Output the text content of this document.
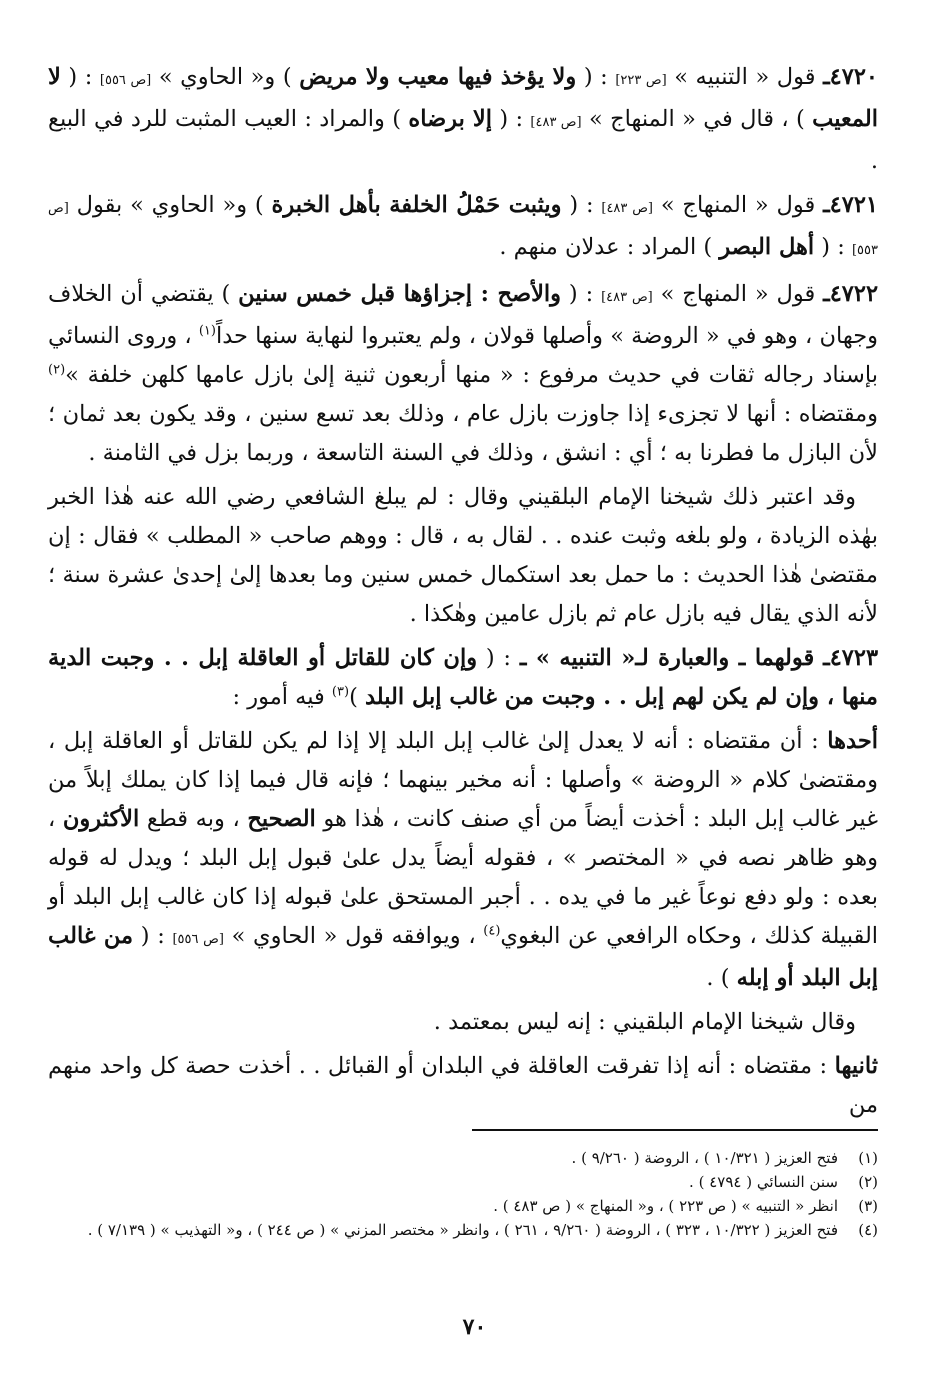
٤٧٢٠ـ قول « التنبيه » [ص ٢٢٣] : ( ولا يؤخذ فيها معيب ولا مريض ) و« الحاوي » [ص ٥٥٦] : ( لا المعيب ) ، قال في « المنهاج » [ص ٤٨٣] : ( إلا برضاه ) والمراد : العيب المثبت للرد في البيع .

٤٧٢١ـ قول « المنهاج » [ص ٤٨٣] : ( ويثبت حَمْلُ الخلفة بأهل الخبرة ) و« الحاوي » بقول [ص ٥٥٣] : ( أهل البصر ) المراد : عدلان منهم .

٤٧٢٢ـ قول « المنهاج » [ص ٤٨٣] : ( والأصح : إجزاؤها قبل خمس سنين ) يقتضي أن الخلاف وجهان ، وهو في « الروضة » وأصلها قولان ، ولم يعتبروا لنهاية سنها حداً$^{(١)}$ ، وروى النسائي بإسناد رجاله ثقات في حديث مرفوع : « منها أربعون ثنية إلىٰ بازل عامها كلهن خلفة »$^{(٢)}$ ومقتضاه : أنها لا تجزىء إذا جاوزت بازل عام ، وذلك بعد تسع سنين ، وقد يكون بعد ثمان ؛ لأن البازل ما فطرنا به ؛ أي : انشق ، وذلك في السنة التاسعة ، وربما بزل في الثامنة .

وقد اعتبر ذلك شيخنا الإمام البلقيني وقال : لم يبلغ الشافعي رضي الله عنه هٰذا الخبر بهٰذه الزيادة ، ولو بلغه وثبت عنده . . لقال به ، قال : ووهم صاحب « المطلب » فقال : إن مقتضىٰ هٰذا الحديث : ما حمل بعد استكمال خمس سنين وما بعدها إلىٰ إحدىٰ عشرة سنة ؛ لأنه الذي يقال فيه بازل عام ثم بازل عامين وهٰكذا .

٤٧٢٣ـ قولهما ـ والعبارة لـ« التنبيه » ـ : ( وإن كان للقاتل أو العاقلة إبل . . وجبت الدية منها ، وإن لم يكن لهم إبل . . وجبت من غالب إبل البلد )$^{(٣)}$ فيه أمور :

أحدها : أن مقتضاه : أنه لا يعدل إلىٰ غالب إبل البلد إلا إذا لم يكن للقاتل أو العاقلة إبل ، ومقتضىٰ كلام « الروضة » وأصلها : أنه مخير بينهما ؛ فإنه قال فيما إذا كان يملك إبلاً من غير غالب إبل البلد : أخذت أيضاً من أي صنف كانت ، هٰذا هو الصحيح ، وبه قطع الأكثرون ، وهو ظاهر نصه في « المختصر » ، فقوله أيضاً يدل علىٰ قبول إبل البلد ؛ ويدل له قوله بعده : ولو دفع نوعاً غير ما في يده . . أجبر المستحق علىٰ قبوله إذا كان غالب إبل البلد أو القبيلة كذلك ، وحكاه الرافعي عن البغوي$^{(٤)}$ ، ويوافقه قول « الحاوي » [ص ٥٥٦] : ( من غالب إبل البلد أو إبله ) .

وقال شيخنا الإمام البلقيني : إنه ليس بمعتمد .

ثانيها : مقتضاه : أنه إذا تفرقت العاقلة في البلدان أو القبائل . . أخذت حصة كل واحد منهم من

(١)
فتح العزيز ( ١٠/٣٢١ ) ، الروضة ( ٩/٢٦٠ ) .
(٢)
سنن النسائي ( ٤٧٩٤ ) .
(٣)
انظر « التنبيه » ( ص ٢٢٣ ) ، و« المنهاج » ( ص ٤٨٣ ) .
(٤)
فتح العزيز ( ١٠/٣٢٢ ، ٣٢٣ ) ، الروضة ( ٩/٢٦٠ ، ٢٦١ ) ، وانظر « مختصر المزني » ( ص ٢٤٤ ) ، و« التهذيب » ( ٧/١٣٩ ) .
٧٠
